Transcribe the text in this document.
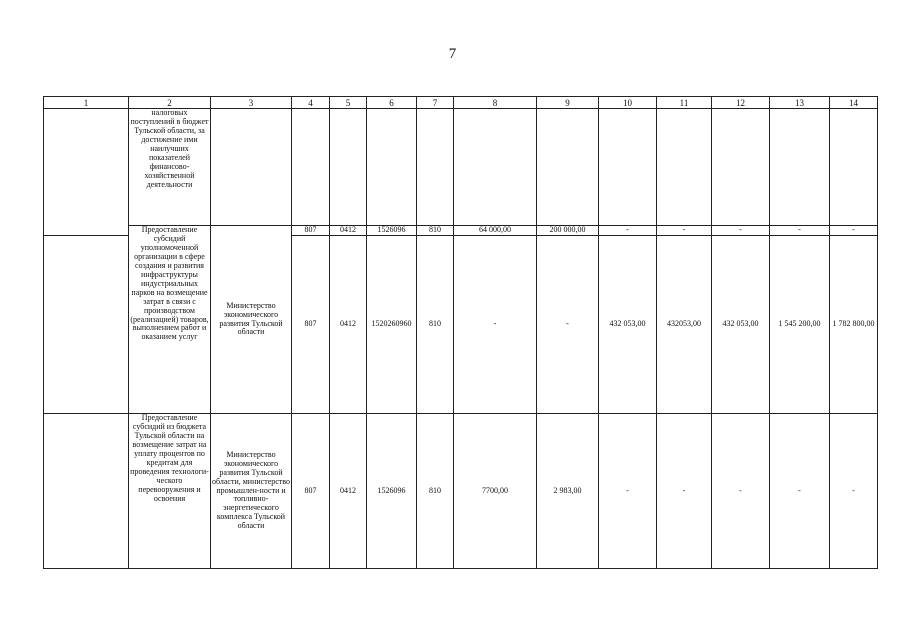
7
1	2	3	4	5	6	7	8	9	10	11	12	13	14
	налоговых поступлений в бюджет Тульской области, за достижение ими наилучших показателей финансово-хозяйственной деятельности												
	Предоставление субсидий уполномоченной организации в сфере создания и развития инфраструктуры индустриальных парков на возмещение затрат в связи с производством (реализацией) товаров, выполнением работ и оказанием услуг	Министерство экономического развития Тульской области	807	0412	1526096	810	64 000,00	200 000,00	-	-	-	-	-
			807	0412	1520260960	810	-	-	432 053,00	432053,00	432 053,00	1 545 200,00	1 782 800,00
	Предоставление субсидий из бюджета Тульской области на возмещение затрат на уплату процентов по кредитам для проведения технологи-ческого перевооружения и освоения	Министерство экономического развития Тульской области, министерство промышлен-ности и топливно-энергетического комплекса Тульской области	807	0412	1526096	810	7700,00	2 983,00	-	-	-	-	-
